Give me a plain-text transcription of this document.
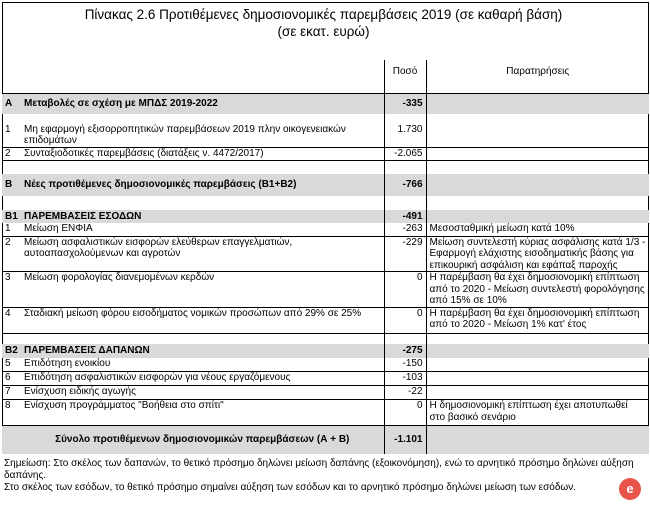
Πίνακας 2.6 Προτιθέμενες δημοσιονομικές παρεμβάσεις 2019 (σε καθαρή βάση)
(σε εκατ. ευρώ)
		Ποσό	Παρατηρήσεις
A	Μεταβολές σε σχέση με ΜΠΔΣ 2019-2022	-335	

1	Μη εφαρμογή εξισορροπητικών παρεμβάσεων 2019 πλην οικογενειακών επιδομάτων	1.730	
2	Συνταξιοδοτικές παρεμβάσεις (διατάξεις ν. 4472/2017)	-2.065	

B	Νέες προτιθέμενες δημοσιονομικές παρεμβάσεις (Β1+Β2)	-766	

B1	ΠΑΡΕΜΒΑΣΕΙΣ ΕΣΟΔΩΝ	-491	
1	Μείωση ΕΝΦΙΑ	-263	Μεσοσταθμική μείωση κατά 10%
2	Μείωση ασφαλιστικών εισφορών ελεύθερων επαγγελματιών, αυτοαπασχολούμενων και αγροτών	-229	Μείωση συντελεστή κύριας ασφάλισης κατά 1/3 - Εφαρμογή ελάχιστης εισοδηματικής βάσης για επικουρική ασφάλιση και εφάπαξ παροχής
3	Μείωση φορολογίας διανεμομένων κερδών	0	Η παρέμβαση θα έχει δημοσιονομική επίπτωση από το 2020 - Μείωση συντελεστή φορολόγησης από 15% σε 10%
4	Σταδιακή μείωση φόρου εισοδήματος νομικών προσώπων από 29% σε 25%	0	Η παρέμβαση θα έχει δημοσιονομική επίπτωση από το 2020 - Μείωση 1% κατ' έτος

B2	ΠΑΡΕΜΒΑΣΕΙΣ ΔΑΠΑΝΩΝ	-275	
5	Επιδότηση ενοικίου	-150	
6	Επιδότηση ασφαλιστικών εισφορών για νέους εργαζόμενους	-103	
7	Ενίσχυση ειδικής αγωγής	-22	
8	Ενίσχυση προγράμματος "Βοήθεια στο σπίτι"	0	Η δημοσιονομική επίπτωση έχει αποτυπωθεί στο βασικό σενάριο
	Σύνολο προτιθέμενων δημοσιονομικών παρεμβάσεων (Α + Β)	-1.101	
Σημείωση: Στο σκέλος των δαπανών, το θετικό πρόσημο δηλώνει μείωση δαπάνης (εξοικονόμηση), ενώ το αρνητικό πρόσημο δηλώνει αύξηση δαπάνης.
Στο σκέλος των εσόδων, το θετικό πρόσημο σημαίνει αύξηση των εσόδων και το αρνητικό πρόσημο δηλώνει μείωση των εσόδων.	e
